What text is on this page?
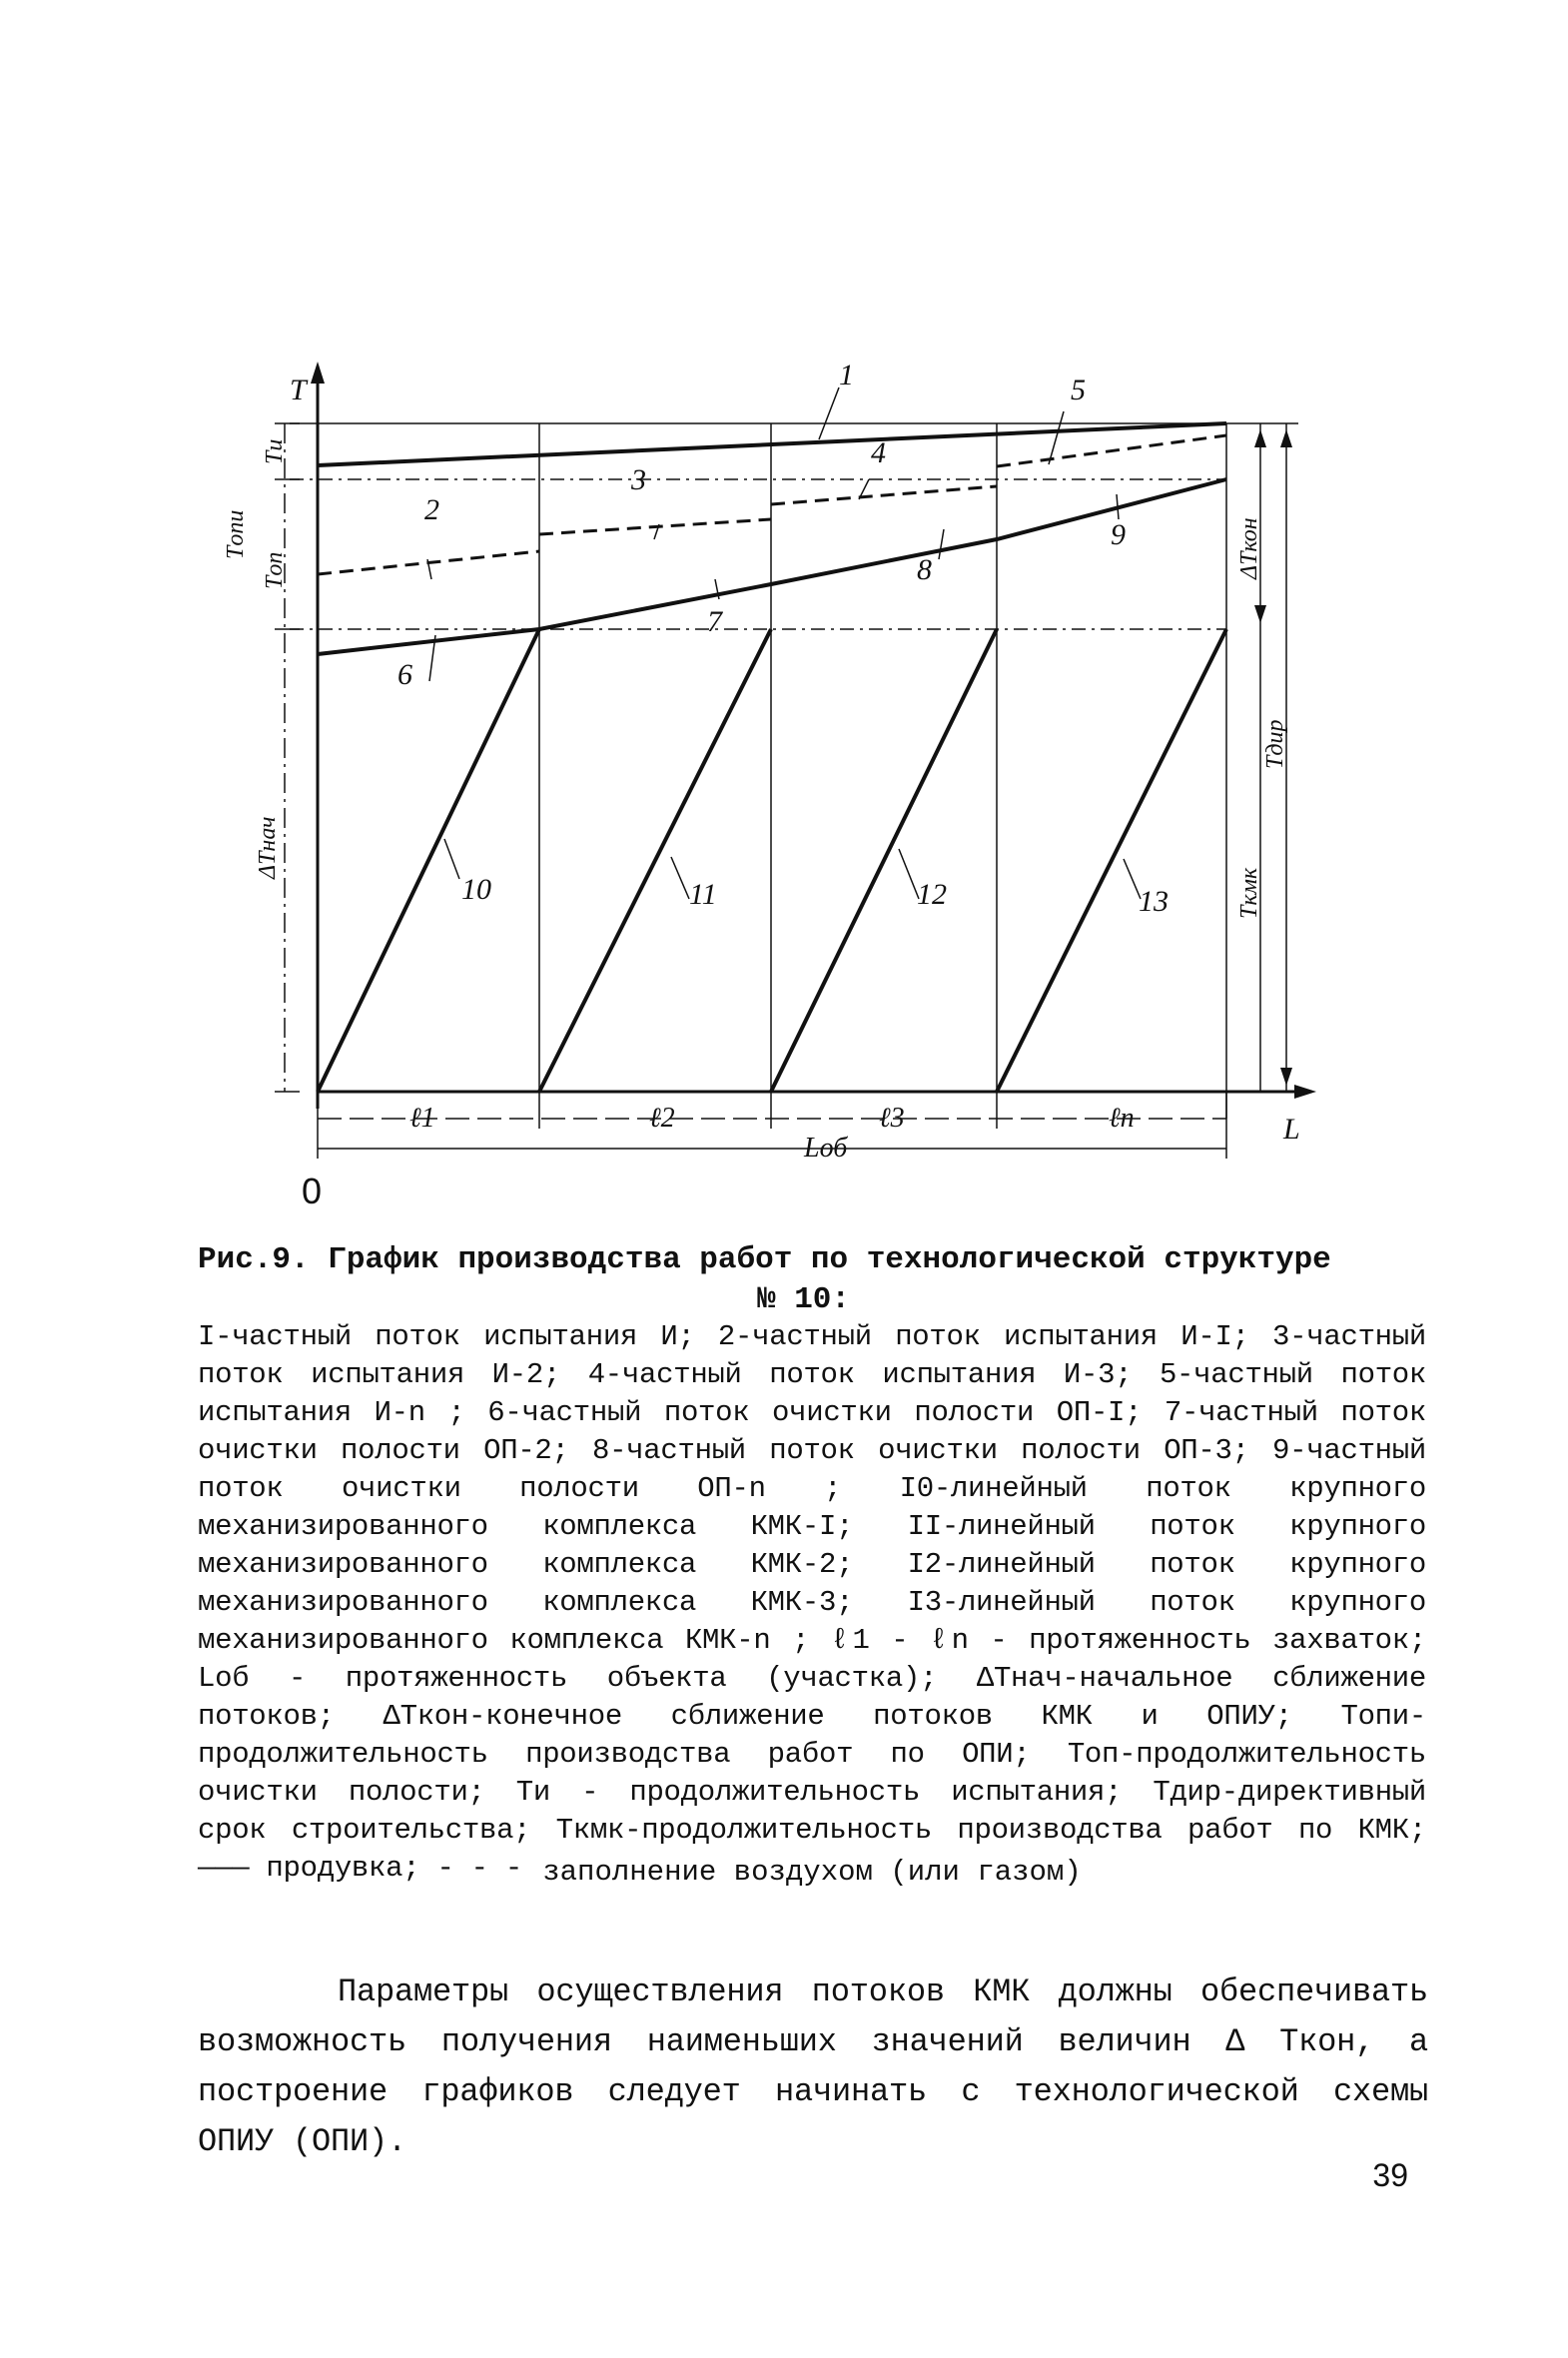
T
L
0
1
2
3
4
5
6
7
8
9
10	11	12	13
Tи
Tопи
Tоп
ΔTнач
ΔTкон
Tдир
Tкмк
ℓ1	ℓ2	ℓ3	ℓn
Lоб
Рис.9. График производства работ по технологической структуре
№ 10:
I-частный поток испытания И; 2-частный поток испытания И-I; 3-частный поток испытания И-2; 4-частный поток испытания И-3; 5-частный поток испытания И-n ; 6-частный поток очистки полости ОП-I; 7-частный поток очистки полости ОП-2; 8-частный поток очистки полости ОП-3; 9-частный поток очистки полости ОП-n ; I0-линейный поток крупного механизированного комплекса КМК-I; II-линейный поток крупного механизированного комплекса КМК-2; I2-линейный поток крупного механизированного комплекса КМК-3; I3-линейный поток крупного механизированного комплекса КМК-n ; ℓ1 - ℓn - протяженность захваток; Lоб - протяженность объекта (участка); ΔTнач-начальное сближение потоков; ΔTкон-конечное сближение потоков КМК и ОПИУ; Tопи-продолжительность производства работ по ОПИ; Tоп-продолжительность очистки полости; Tи - продолжительность испытания; Tдир-директивный срок строительства; Tкмк-продолжительность производства работ по КМК; ——— продувка; - - - заполнение воздухом (или газом)
Параметры осуществления потоков КМК должны обеспечивать возможность получения наименьших значений величин Δ Tкон, а построение графиков следует начинать с технологической схемы ОПИУ (ОПИ).
39
